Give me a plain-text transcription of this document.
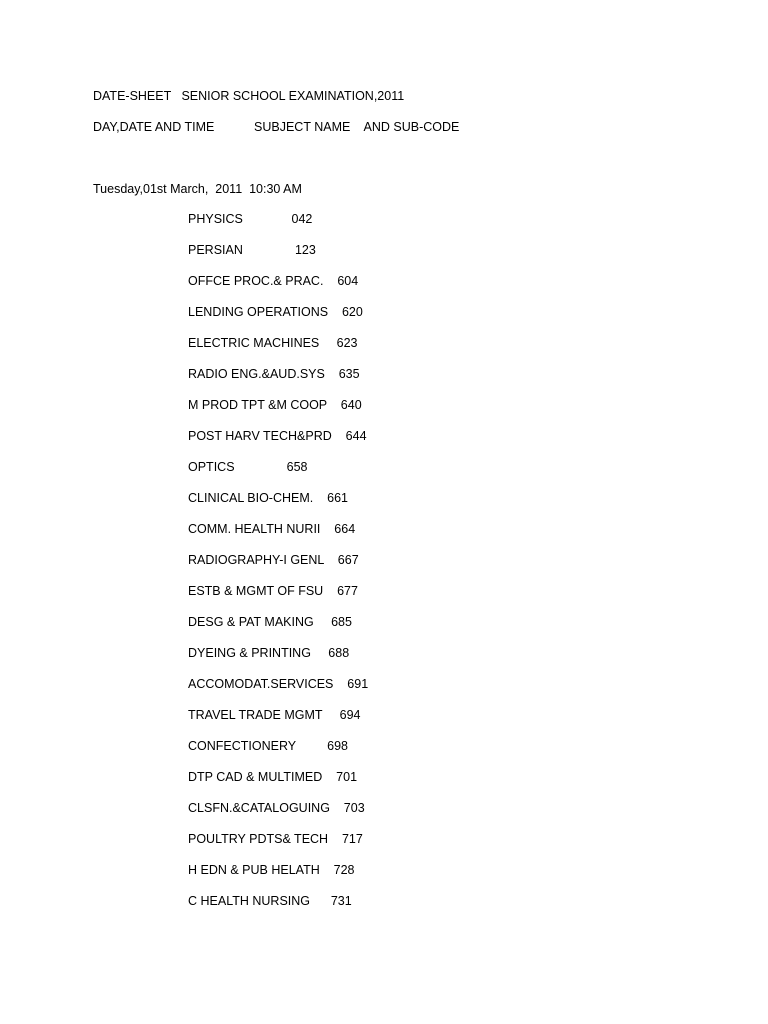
DATE-SHEET   SENIOR SCHOOL EXAMINATION,2011
DAY,DATE AND TIME	SUBJECT NAME    AND SUB-CODE
Tuesday,01st March,  2011  10:30 AM
PHYSICS              042
PERSIAN               123
OFFCE PROC.& PRAC.    604
LENDING OPERATIONS    620
ELECTRIC MACHINES     623
RADIO ENG.&AUD.SYS    635
M PROD TPT &M COOP    640
POST HARV TECH&PRD    644
OPTICS               658
CLINICAL BIO-CHEM.    661
COMM. HEALTH NURII    664
RADIOGRAPHY-I GENL    667
ESTB & MGMT OF FSU    677
DESG & PAT MAKING     685
DYEING & PRINTING     688
ACCOMODAT.SERVICES    691
TRAVEL TRADE MGMT     694
CONFECTIONERY         698
DTP CAD & MULTIMED    701
CLSFN.&CATALOGUING    703
POULTRY PDTS& TECH    717
H EDN & PUB HELATH    728
C HEALTH NURSING      731
